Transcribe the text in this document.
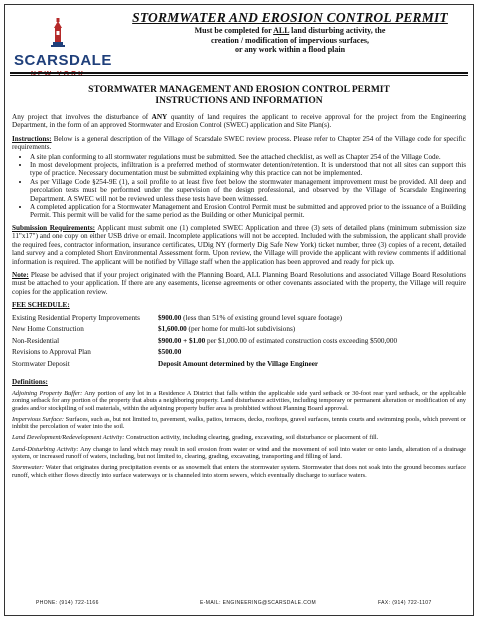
SCARSDALE
NEW YORK
STORMWATER AND EROSION CONTROL PERMIT
Must be completed for ALL land disturbing activity, the
creation / modification of impervious surfaces,
or any work within a flood plain
STORMWATER MANAGEMENT AND EROSION CONTROL PERMIT
INSTRUCTIONS AND INFORMATION

Any project that involves the disturbance of ANY quantity of land requires the applicant to receive approval for the project from the Engineering Department, in the form of an approved Stormwater and Erosion Control (SWEC) application and Site Plan(s).

Instructions: Below is a general description of the Village of Scarsdale SWEC review process. Please refer to Chapter 254 of the Village code for specific requirements.

• A site plan conforming to all stormwater regulations must be submitted. See the attached checklist, as well as Chapter 254 of the Village Code.
• In most development projects, infiltration is a preferred method of stormwater detention/retention. It is understood that not all sites can support this type of practice. Necessary documentation must be submitted explaining why this practice can not be implemented.
• As per Village Code §254-9E (1), a soil profile to at least five feet below the stormwater management improvement must be provided. All deep and percolation tests must be performed under the supervision of the design professional, and observed by the Village of Scarsdale Engineering Department. A SWEC will not be reviewed unless these tests have been witnessed.
• A completed application for a Stormwater Management and Erosion Control Permit must be submitted and approved prior to the issuance of a Building Permit. This permit will be valid for the same period as the Building or other Municipal permit.

Submission Requirements: Applicant must submit one (1) completed SWEC Application and three (3) sets of detailed plans (minimum submission size 11"x17") and one copy on either USB drive or email. Incomplete applications will not be accepted. Included with the submission, the applicant shall provide the required fees, contractor information, insurance certificates, UDig NY (formerly Dig Safe New York) ticket number, three (3) copies of a recent, detailed land survey and a completed Short Environmental Assessment form. Upon review, the Village will provide the applicant with review comments if additional information is required. The applicant will be notified by Village staff when the application has been approved and ready for pick up.

Note: Please be advised that if your project originated with the Planning Board, ALL Planning Board Resolutions and associated Village Board Resolutions must be attached to your application. If there are any easements, license agreements or other covenants associated with the property, the Village will require copies for the application review.

FEE SCHEDULE:
Existing Residential Property Improvements	$900.00 (less than 51% of existing ground level square footage)
New Home Construction	$1,600.00 (per home for multi-lot subdivisions)
Non-Residential	$900.00 + $1.00 per $1,000.00 of estimated construction costs exceeding $500,000
Revisions to Approval Plan	$500.00
Stormwater Deposit	Deposit Amount determined by the Village Engineer
Definitions:

Adjoining Property Buffer: Any portion of any lot in a Residence A District that falls within the applicable side yard setback or 30-foot rear yard setback, or the applicable zoning setback for any portion of the property that abuts a neighboring property. Land disturbance activities, including temporary or permanent alteration or modification of any grades and/or stockpiling of soil materials, within the adjoining property buffer area is prohibited without Planning Board approval.

Impervious Surface: Surfaces, such as, but not limited to, pavement, walks, patios, terraces, decks, rooftops, gravel surfaces, tennis courts and swimming pools, which prevent or inhibit the percolation of water into the soil.

Land Development/Redevelopment Activity: Construction activity, including clearing, grading, excavating, soil disturbance or placement of fill.

Land-Disturbing Activity: Any change to land which may result in soil erosion from water or wind and the movement of soil into water or onto lands, alteration of a drainage system, or increased runoff of waters, including, but not limited to, clearing, grading, excavating, transporting and filling of land.

Stormwater: Water that originates during precipitation events or as snowmelt that enters the stormwater system. Stormwater that does not soak into the ground becomes surface runoff, which either flows directly into surface waterways or is channeled into storm sewers, which eventually discharge to surface waters.

PHONE: (914) 722-1166	E-MAIL: ENGINEERING@SCARSDALE.COM	FAX: (914) 722-1107
